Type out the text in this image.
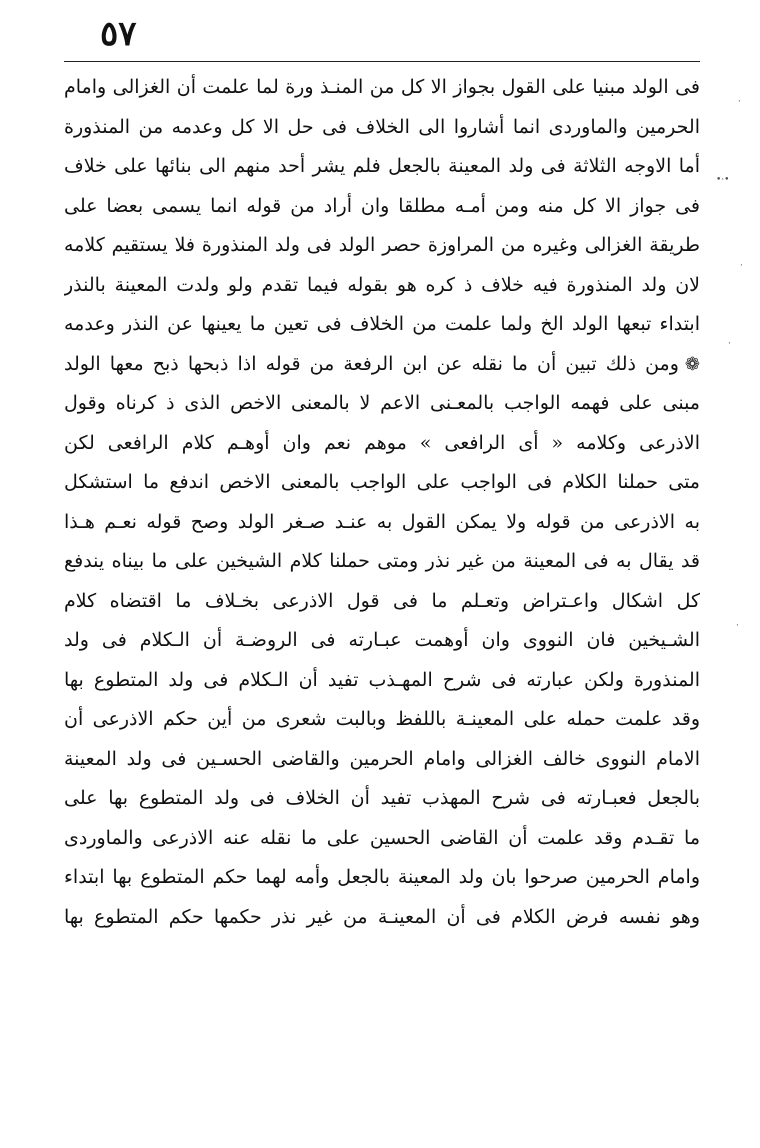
٥٧
·
•·•
·
·
·
فى الولد مبنيا على القول بجواز الا كل من المنـذ ورة لما علمت أن الغزالى وامام
الحرمين والماوردى انما أشاروا الى الخلاف فى حل الا كل وعدمه من المنذورة
أما الاوجه الثلاثة فى ولد المعينة بالجعل فلم يشر أحد منهم الى بنائها على خلاف
فى جواز الا كل منه ومن أمـه مطلقا وان أراد من قوله انما يسمى بعضا على
طريقة الغزالى وغيره من المراوزة حصر الولد فى ولد المنذورة فلا يستقيم كلامه
لان ولد المنذورة فيه خلاف ذ كره هو بقوله فيما تقدم ولو ولدت المعينة بالنذر
ابتداء تبعها الولد الخ ولما علمت من الخلاف فى تعين ما يعينها عن النذر وعدمه
❁ومن ذلك تبين أن ما نقله عن ابن الرفعة من قوله اذا ذبحها ذبح معها الولد
مبنى على فهمه الواجب بالمعـنى الاعم لا بالمعنى الاخص الذى ذ كرناه وقول
الاذرعى وكلامه « أى الرافعى » موهم نعم وان أوهـم كلام الرافعى لكن
متى حملنا الكلام فى الواجب على الواجب بالمعنى الاخص اندفع ما استشكل
به الاذرعى من قوله ولا يمكن القول به عنـد صـغر الولد وصح قوله نعـم هـذا
قد يقال به فى المعينة من غير نذر ومتى حملنا كلام الشيخين على ما بيناه يندفع
كل اشكال واعـتراض وتعـلم ما فى قول الاذرعى بخـلاف ما اقتضاه كلام
الشـيخين فان النووى وان أوهمت عبـارته فى الروضـة أن الـكلام فى ولد
المنذورة ولكن عبارته فى شرح المهـذب تفيد أن الـكلام فى ولد المتطوع بها
وقد علمت حمله على المعينـة باللفظ وبالبت شعرى من أين حكم الاذرعى أن
الامام النووى خالف الغزالى وامام الحرمين والقاضى الحسـين فى ولد المعينة
بالجعل فعبـارته فى شرح المهذب تفيد أن الخلاف فى ولد المتطوع بها على
ما تقـدم وقد علمت أن القاضى الحسين على ما نقله عنه الاذرعى والماوردى
وامام الحرمين صرحوا بان ولد المعينة بالجعل وأمه لهما حكم المتطوع بها ابتداء
وهو نفسه فرض الكلام فى أن المعينـة من غير نذر حكمها حكم المتطوع بها
